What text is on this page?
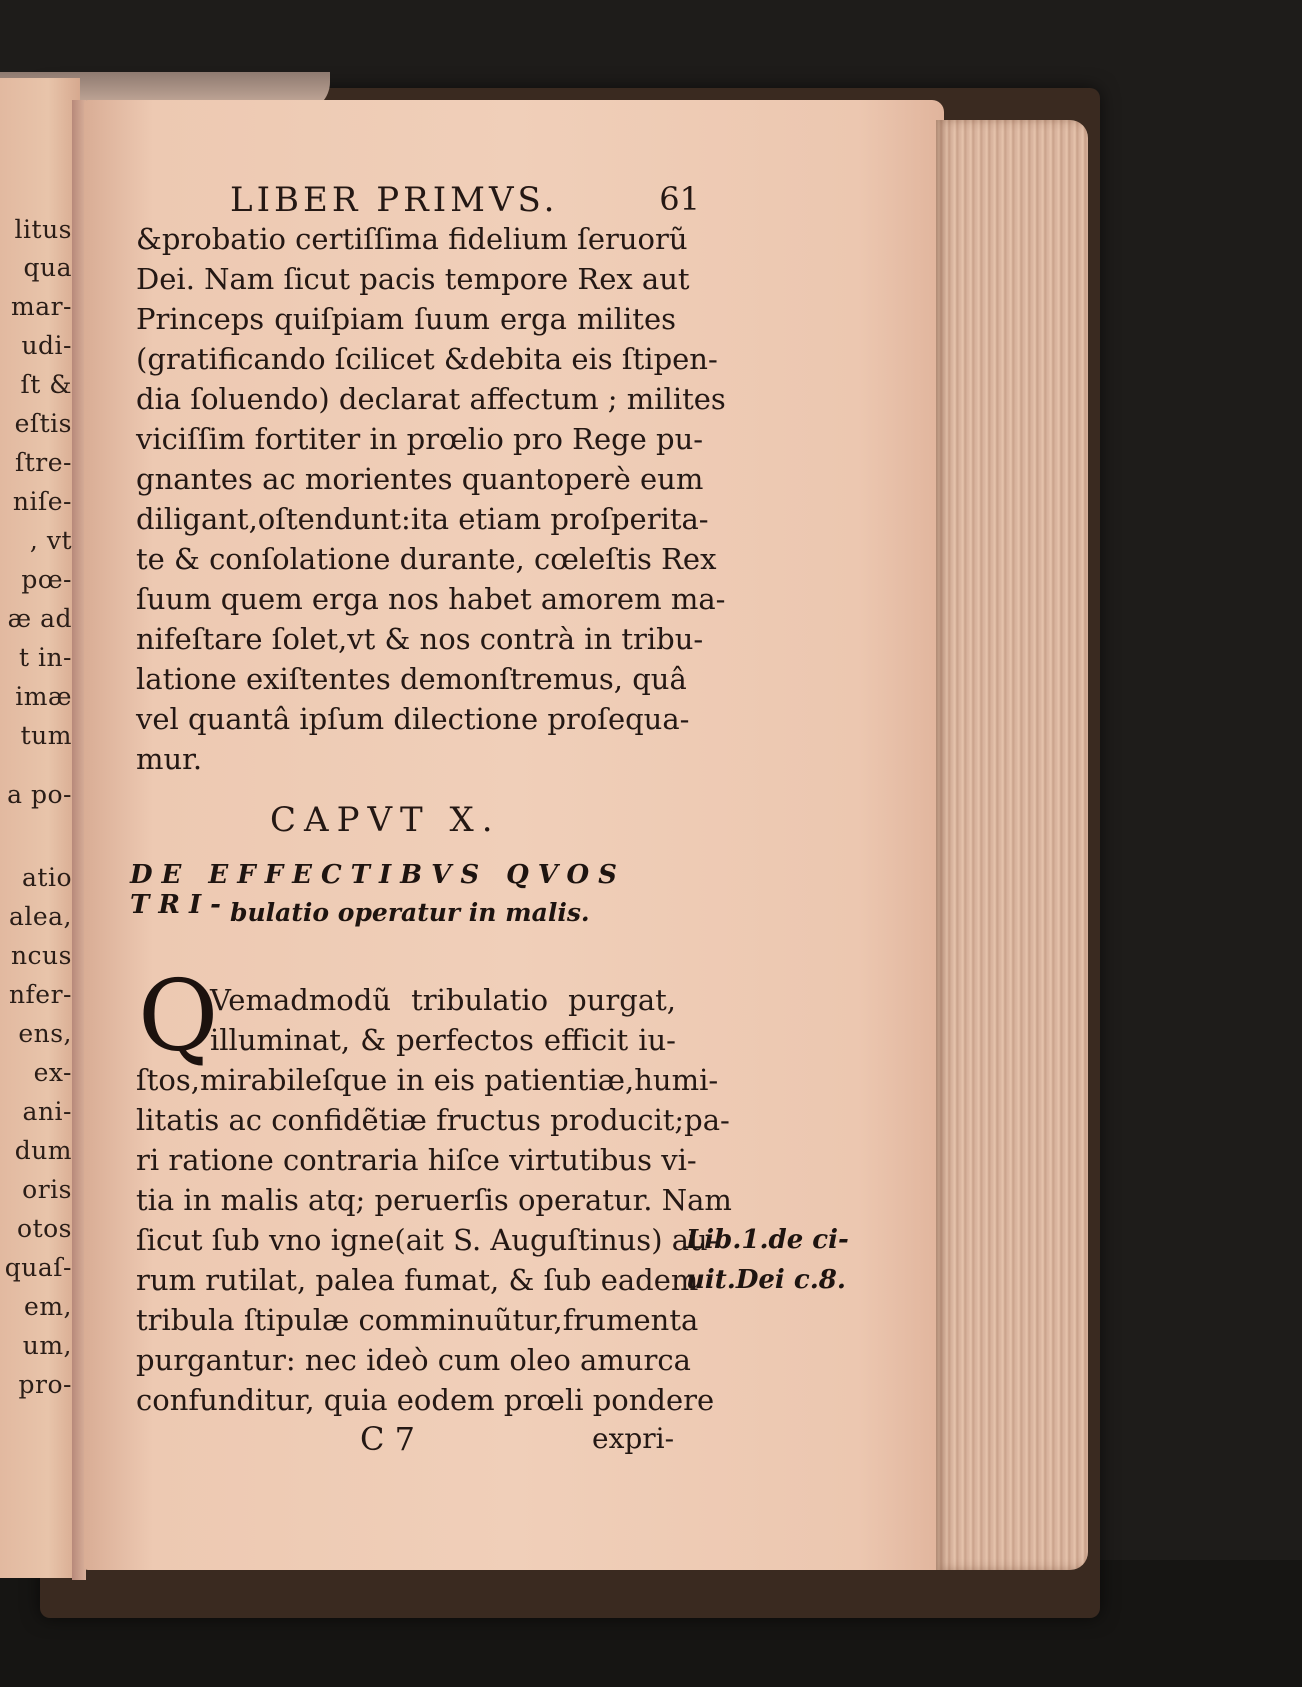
litus
qua
mar-
udi-
ſt &
eſtis
ſtre-
niſe-
, vt
pœ-
æ ad
t in-
imæ
tum
a po-
atio
alea,
ncus
nfer-
ens,
ex-
ani-
dum
oris
otos
quaſ-
em,
um,
pro-
LIBER PRIMVS.	61
&probatio certiſſima fidelium ſeruorũ
Dei. Nam ſicut pacis tempore Rex aut
Princeps quiſpiam ſuum erga milites
(gratificando ſcilicet &debita eis ſtipen-
dia ſoluendo) declarat affectum ; milites
viciſſim fortiter in prœlio pro Rege pu-
gnantes ac morientes quantoperè eum
diligant,oſtendunt:ita etiam proſperita-
te & conſolatione durante, cœleſtis Rex
ſuum quem erga nos habet amorem ma-
nifeſtare ſolet,vt & nos contrà in tribu-
latione exiſtentes demonſtremus, quâ
vel quantâ ipſum dilectione proſequa-
mur.
CAPVT X.
DE EFFECTIBVS QVOS TRI- bulatio operatur in malis.
Q
Vemadmodũ tribulatio purgat,
illuminat, & perfectos efficit iu-
ſtos,mirabileſque in eis patientiæ,humi-
litatis ac confidẽtiæ fructus producit;pa-
ri ratione contraria hiſce virtutibus vi-
tia in malis atq; peruerſis operatur. Nam
ſicut ſub vno igne(ait S. Auguſtinus) au-
rum rutilat, palea fumat, & ſub eadem
tribula ſtipulæ comminuũtur,frumenta
purgantur: nec ideò cum oleo amurca
confunditur, quia eodem prœli pondere
Lib.1.de ci-
uit.Dei c.8.
C 7	expri-
